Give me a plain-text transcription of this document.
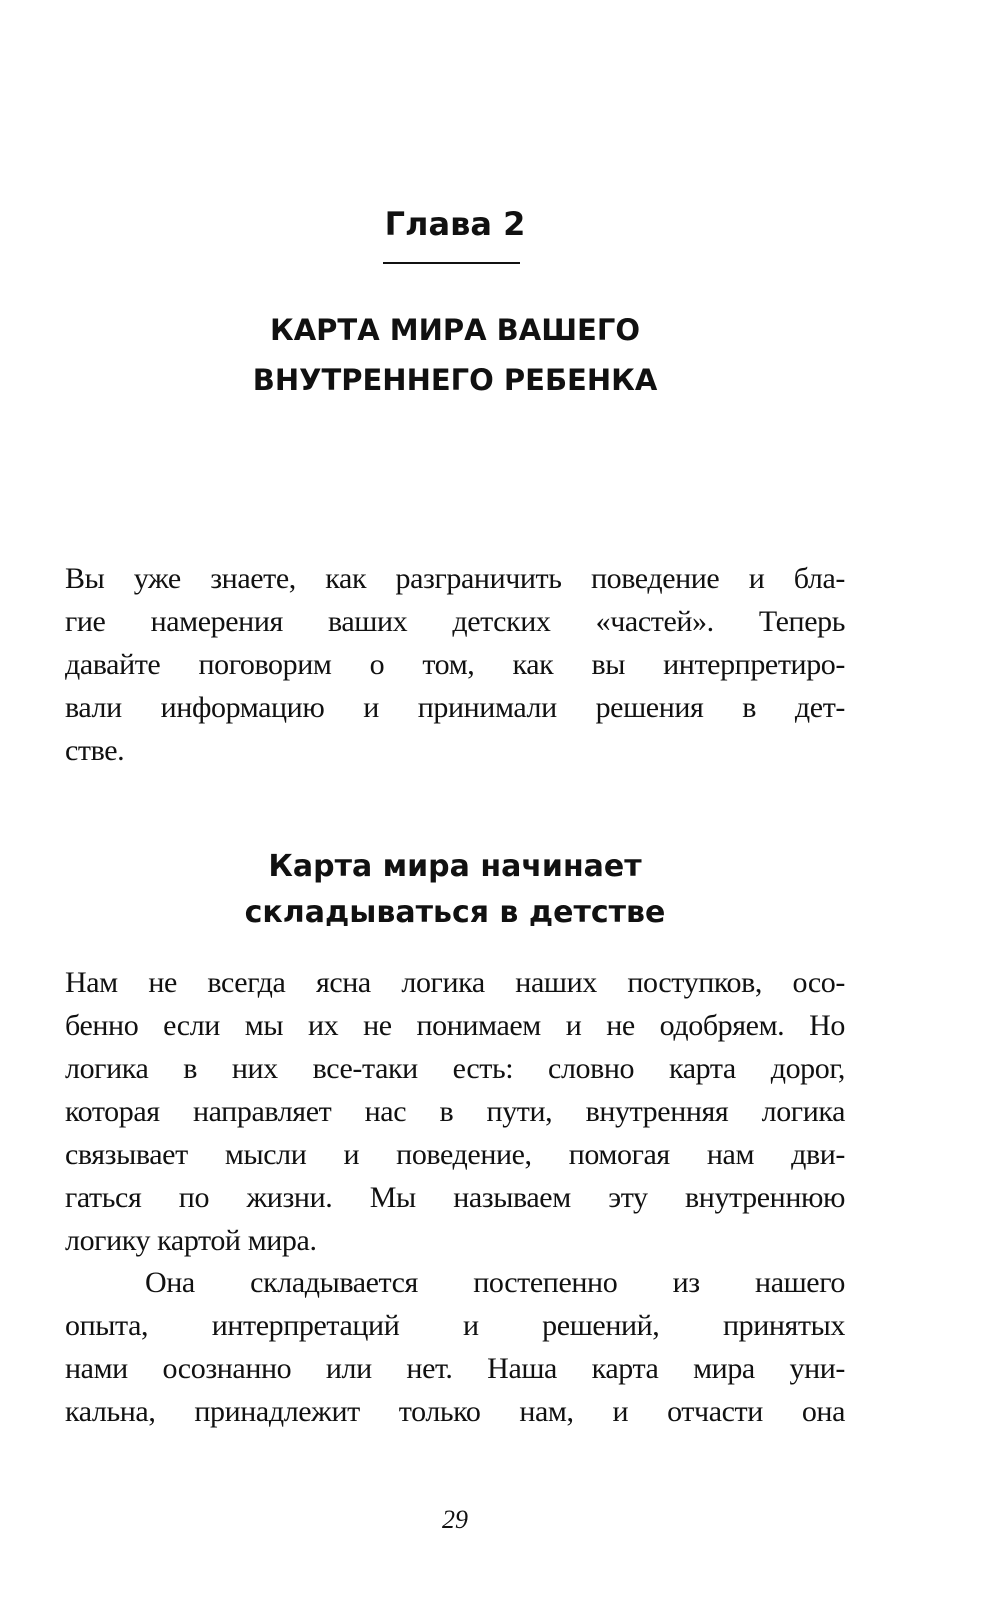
Глава 2
КАРТА МИРА ВАШЕГО
ВНУТРЕННЕГО РЕБЕНКА
Вы уже знаете, как разграничить поведение и бла-
гие намерения ваших детских «частей». Теперь
давайте поговорим о том, как вы интерпретиро-
вали информацию и принимали решения в дет-
стве.
Карта мира начинает
складываться в детстве
Нам не всегда ясна логика наших поступков, осо-
бенно если мы их не понимаем и не одобряем. Но
логика в них все-таки есть: словно карта дорог,
которая направляет нас в пути, внутренняя логика
связывает мысли и поведение, помогая нам дви-
гаться по жизни. Мы называем эту внутреннюю
логику картой мира.
Она складывается постепенно из нашего
опыта, интерпретаций и решений, принятых
нами осознанно или нет. Наша карта мира уни-
кальна, принадлежит только нам, и отчасти она
29
